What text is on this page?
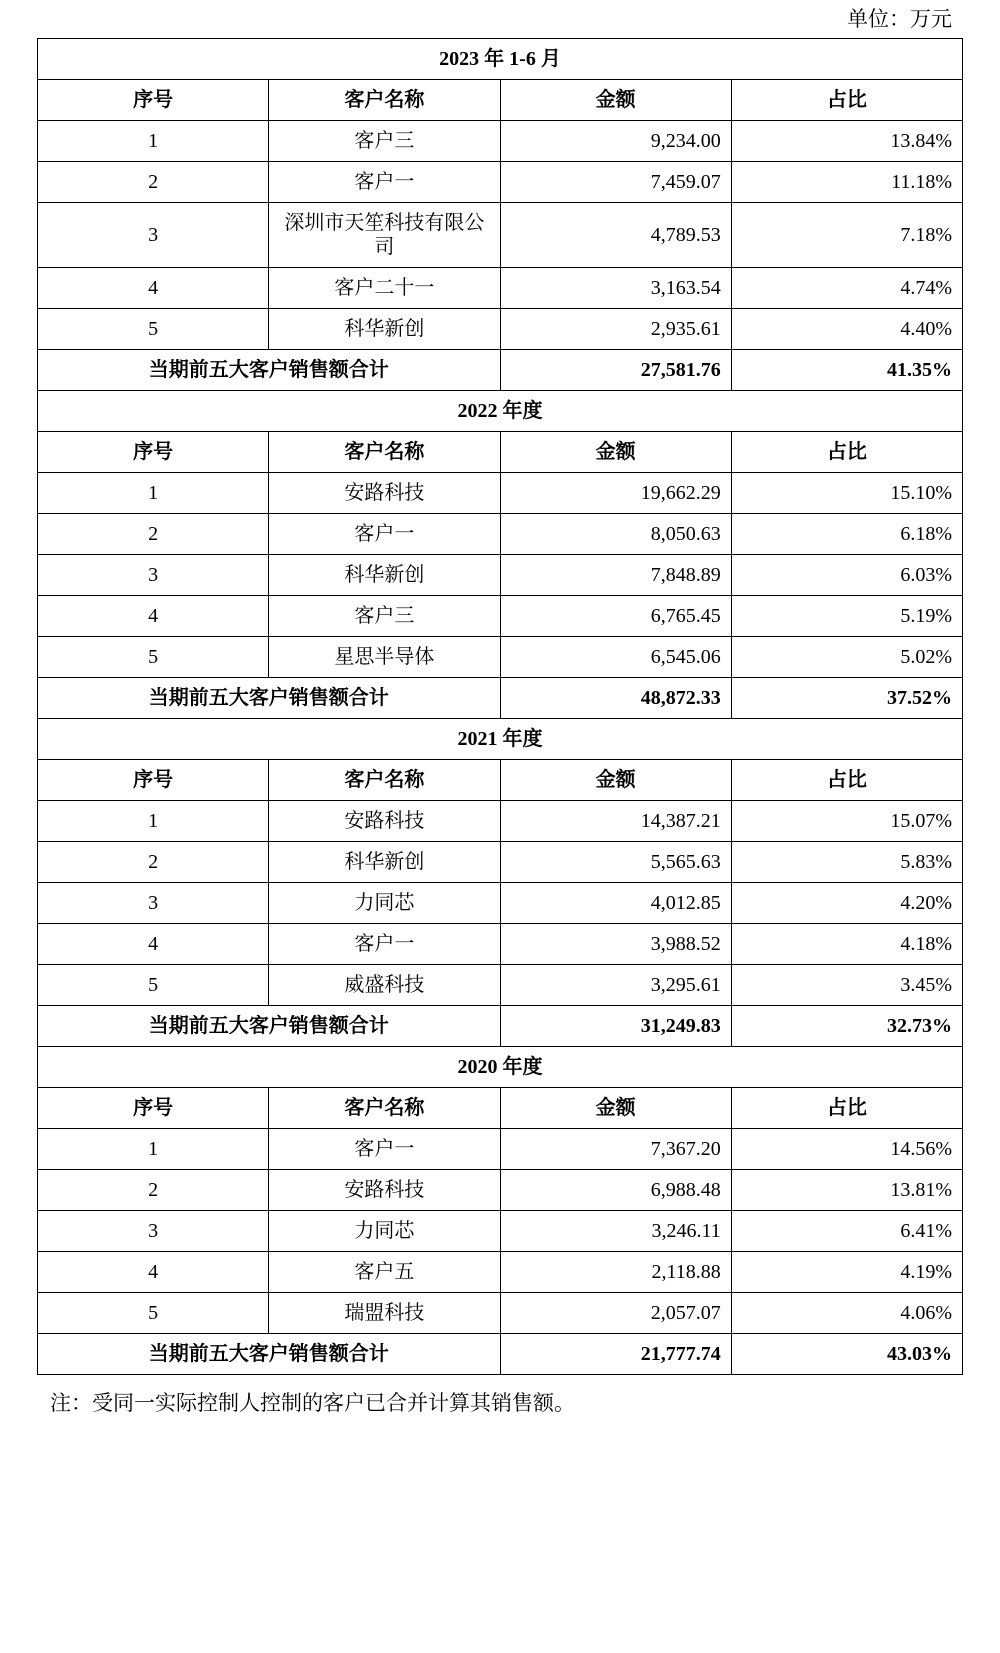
单位：万元
2023 年 1-6 月			
序号	客户名称	金额	占比
1	客户三	9,234.00	13.84%
2	客户一	7,459.07	11.18%
3	深圳市天笙科技有限公司	4,789.53	7.18%
4	客户二十一	3,163.54	4.74%
5	科华新创	2,935.61	4.40%
当期前五大客户销售额合计		27,581.76	41.35%
2022 年度			
序号	客户名称	金额	占比
1	安路科技	19,662.29	15.10%
2	客户一	8,050.63	6.18%
3	科华新创	7,848.89	6.03%
4	客户三	6,765.45	5.19%
5	星思半导体	6,545.06	5.02%
当期前五大客户销售额合计		48,872.33	37.52%
2021 年度			
序号	客户名称	金额	占比
1	安路科技	14,387.21	15.07%
2	科华新创	5,565.63	5.83%
3	力同芯	4,012.85	4.20%
4	客户一	3,988.52	4.18%
5	威盛科技	3,295.61	3.45%
当期前五大客户销售额合计		31,249.83	32.73%
2020 年度			
序号	客户名称	金额	占比
1	客户一	7,367.20	14.56%
2	安路科技	6,988.48	13.81%
3	力同芯	3,246.11	6.41%
4	客户五	2,118.88	4.19%
5	瑞盟科技	2,057.07	4.06%
当期前五大客户销售额合计		21,777.74	43.03%
注：受同一实际控制人控制的客户已合并计算其销售额。
